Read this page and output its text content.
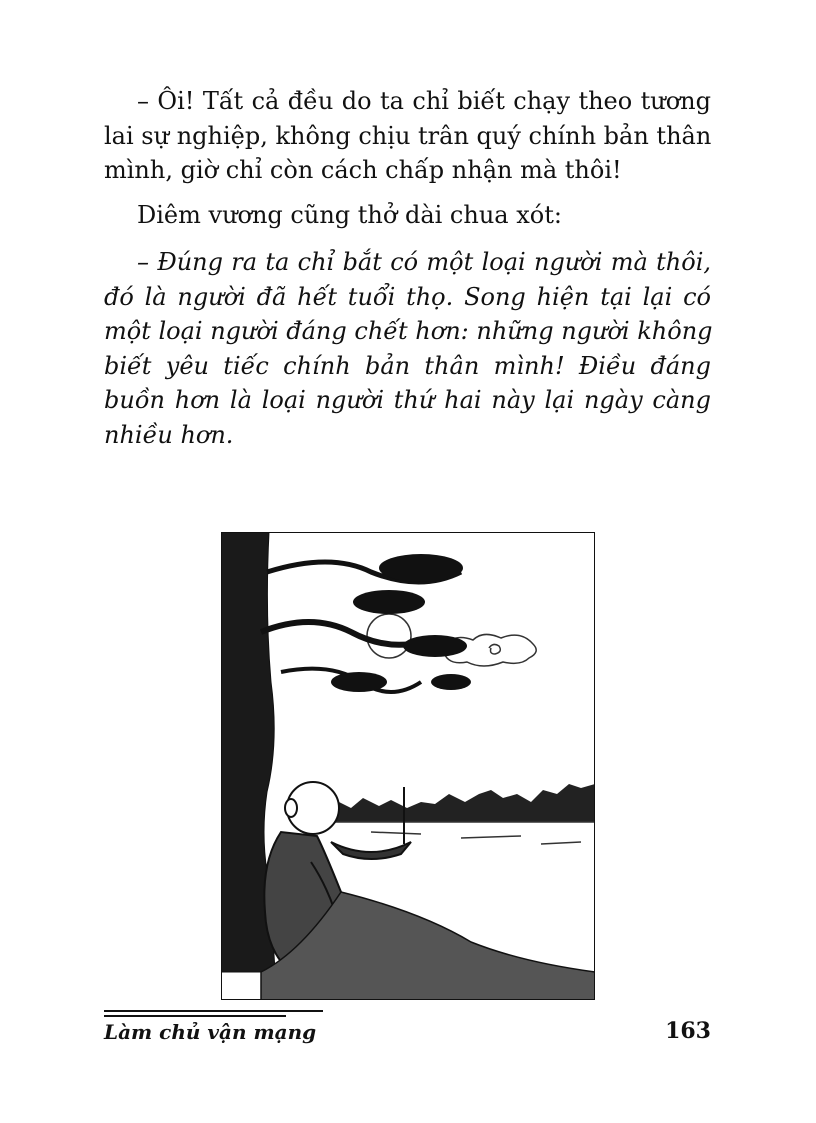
– Ôi! Tất cả đều do ta chỉ biết chạy theo tương
lai sự nghiệp, không chịu trân quý chính bản thân
mình, giờ chỉ còn cách chấp nhận mà thôi!
Diêm vương cũng thở dài chua xót:
– Đúng ra ta chỉ bắt có một loại người mà thôi,
đó là người đã hết tuổi thọ. Song hiện tại lại có
một loại người đáng chết hơn: những người không
biết yêu tiếc chính bản thân mình! Điều đáng
buồn hơn là loại người thứ hai này lại ngày càng
nhiều hơn.
Làm chủ vận mạng	163
